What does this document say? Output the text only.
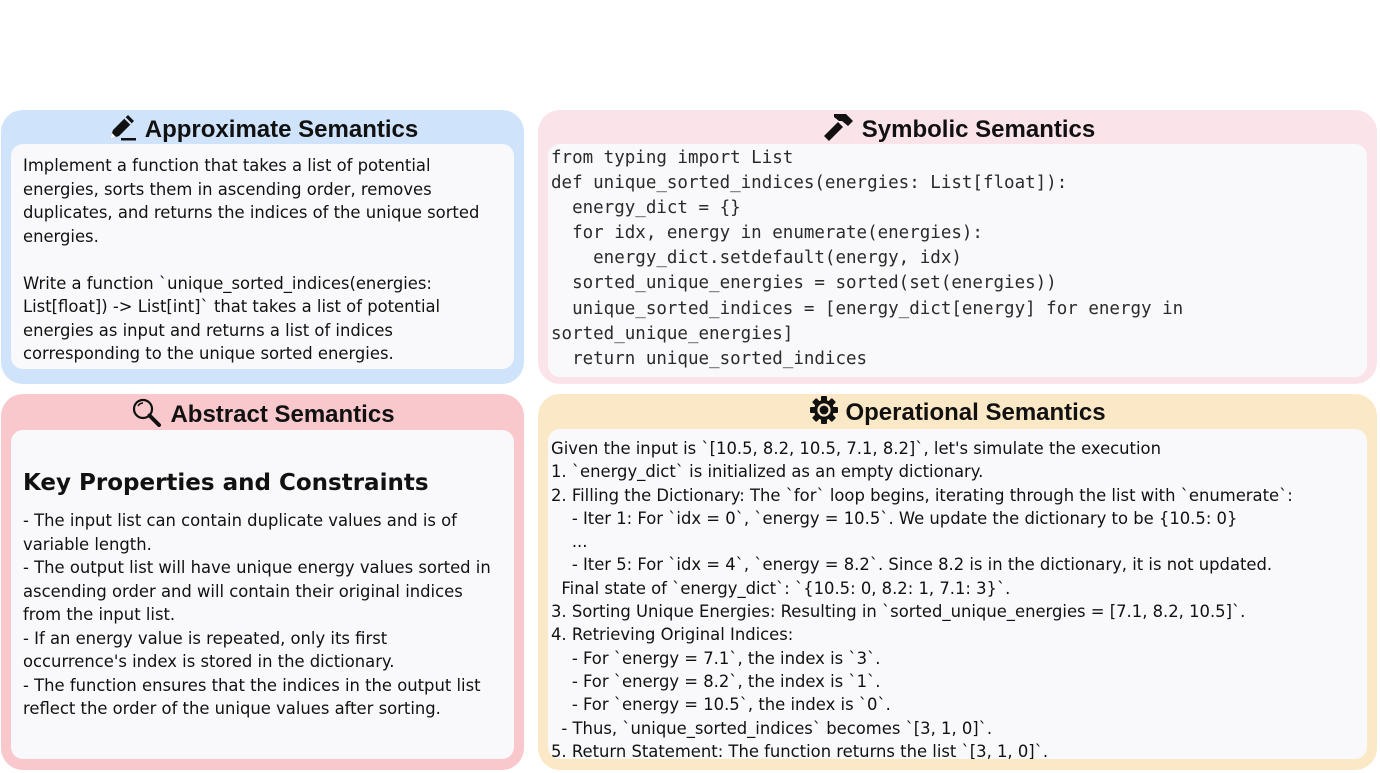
Approximate Semantics
Implement a function that takes a list of potential
energies, sorts them in ascending order, removes
duplicates, and returns the indices of the unique sorted
energies.
Write a function `unique_sorted_indices(energies:
List[float]) -> List[int]` that takes a list of potential
energies as input and returns a list of indices
corresponding to the unique sorted energies.
Symbolic Semantics
from typing import List
def unique_sorted_indices(energies: List[float]):
energy_dict = {}
for idx, energy in enumerate(energies):
energy_dict.setdefault(energy, idx)
sorted_unique_energies = sorted(set(energies))
unique_sorted_indices = [energy_dict[energy] for energy in
sorted_unique_energies]
return unique_sorted_indices
Abstract Semantics
Key Properties and Constraints
- The input list can contain duplicate values and is of
variable length.
- The output list will have unique energy values sorted in
ascending order and will contain their original indices
from the input list.
- If an energy value is repeated, only its first
occurrence's index is stored in the dictionary.
- The function ensures that the indices in the output list
reflect the order of the unique values after sorting.
Operational Semantics
Given the input is `[10.5, 8.2, 10.5, 7.1, 8.2]`, let's simulate the execution
1. `energy_dict` is initialized as an empty dictionary.
2. Filling the Dictionary: The `for` loop begins, iterating through the list with `enumerate`:
- Iter 1: For `idx = 0`, `energy = 10.5`. We update the dictionary to be {10.5: 0}
...
- Iter 5: For `idx = 4`, `energy = 8.2`. Since 8.2 is in the dictionary, it is not updated.
Final state of `energy_dict`: `{10.5: 0, 8.2: 1, 7.1: 3}`.
3. Sorting Unique Energies: Resulting in `sorted_unique_energies = [7.1, 8.2, 10.5]`.
4. Retrieving Original Indices:
- For `energy = 7.1`, the index is `3`.
- For `energy = 8.2`, the index is `1`.
- For `energy = 10.5`, the index is `0`.
- Thus, `unique_sorted_indices` becomes `[3, 1, 0]`.
5. Return Statement: The function returns the list `[3, 1, 0]`.
